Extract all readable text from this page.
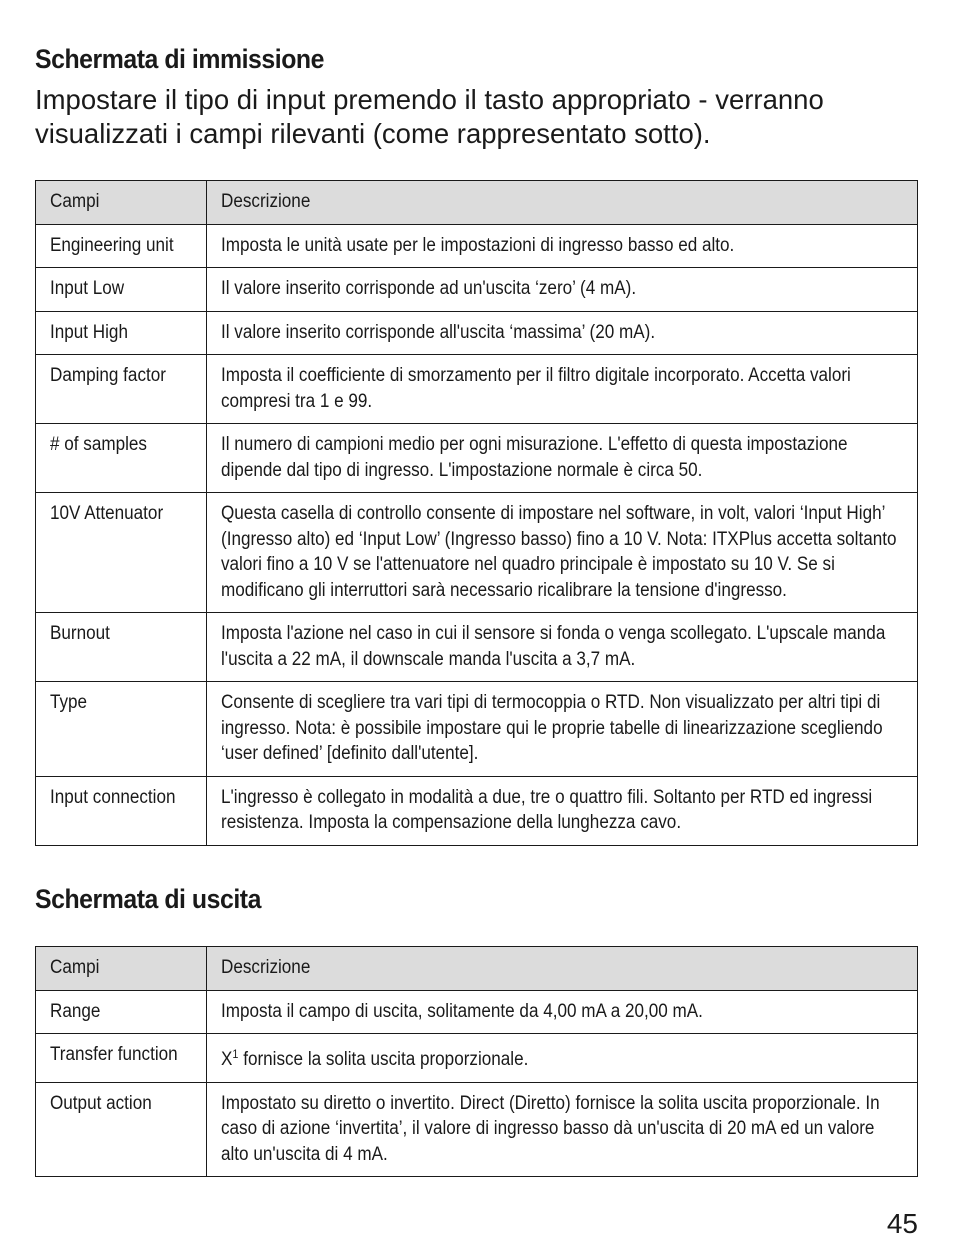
Schermata di immissione

Impostare il tipo di input premendo il tasto appropriato - verranno visualizzati i campi rilevanti (come rappresentato sotto).

Campi	Descrizione

Engineering unit	Imposta le unità usate per le impostazioni di ingresso basso ed alto.

Input Low	Il valore inserito corrisponde ad un'uscita ‘zero’ (4 mA).

Input High	Il valore inserito corrisponde all'uscita ‘massima’ (20 mA).

Damping factor	Imposta il coefficiente di smorzamento per il filtro digitale incorporato. Accetta valori compresi tra 1 e 99.

# of samples	Il numero di campioni medio per ogni misurazione. L'effetto di questa impostazione dipende dal tipo di ingresso. L'impostazione normale è circa 50.

10V Attenuator	Questa casella di controllo consente di impostare nel software, in volt, valori ‘Input High’ (Ingresso alto) ed ‘Input Low’ (Ingresso basso) fino a 10 V. Nota: ITXPlus accetta soltanto valori fino a 10 V se l'attenuatore nel quadro principale è impostato su 10 V. Se si modificano gli interruttori sarà necessario ricalibrare la tensione d'ingresso.

Burnout	Imposta l'azione nel caso in cui il sensore si fonda o venga scollegato. L'upscale manda l'uscita a 22 mA, il downscale manda l'uscita a 3,7 mA.

Type	Consente di scegliere tra vari tipi di termocoppia o RTD. Non visualizzato per altri tipi di ingresso. Nota: è possibile impostare qui le proprie tabelle di linearizzazione scegliendo ‘user defined’ [definito dall'utente].

Input connection	L'ingresso è collegato in modalità a due, tre o quattro fili. Soltanto per RTD ed ingressi resistenza. Imposta la compensazione della lunghezza cavo.
Schermata di uscita
Campi	Descrizione

Range	Imposta il campo di uscita, solitamente da 4,00 mA a 20,00 mA.

Transfer function	$X^1$ fornisce la solita uscita proporzionale.

Output action	Impostato su diretto o invertito. Direct (Diretto) fornisce la solita uscita proporzionale. In caso di azione ‘invertita’, il valore di ingresso basso dà un'uscita di 20 mA ed un valore alto un'uscita di 4 mA.
45
